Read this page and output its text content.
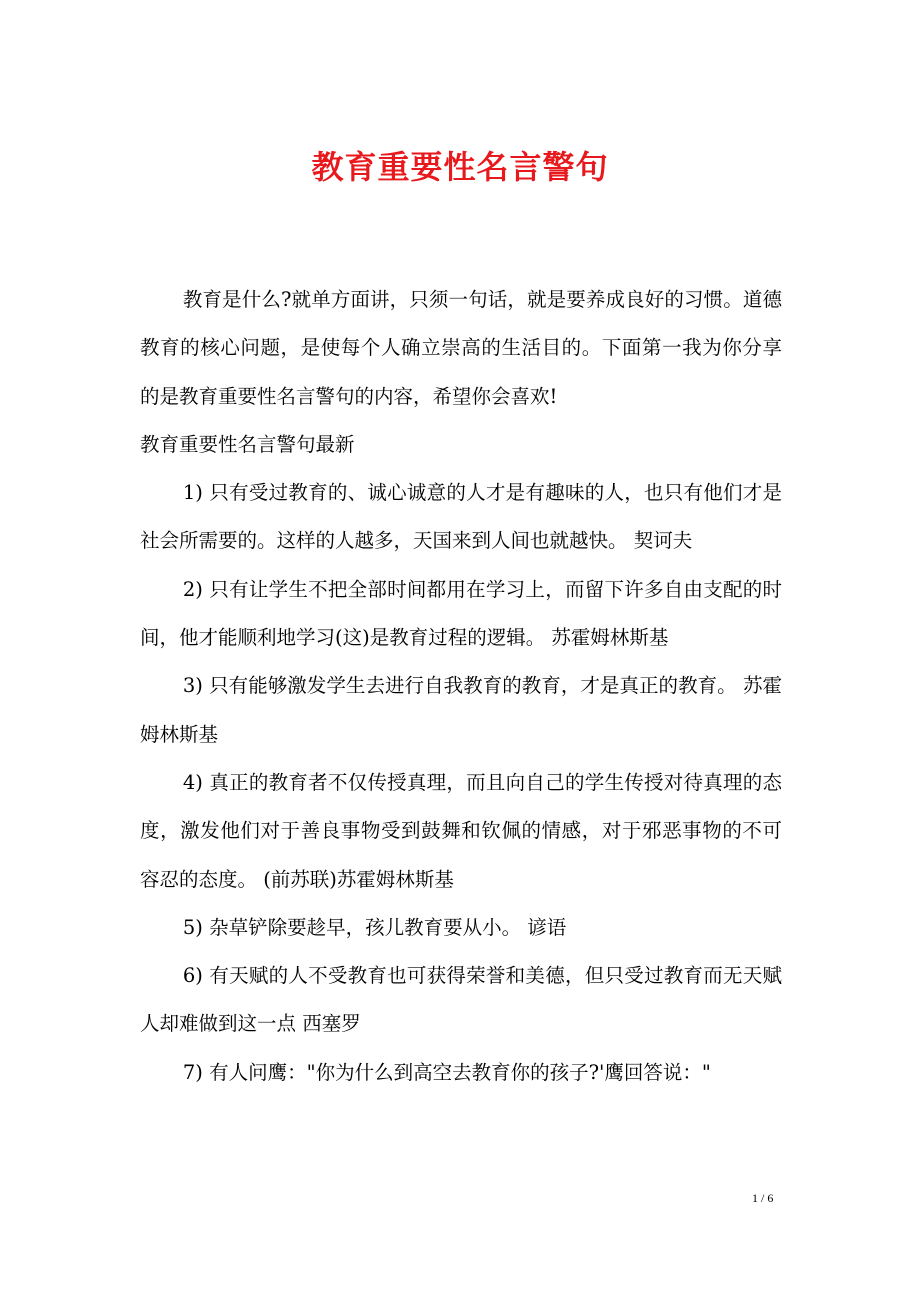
教育重要性名言警句

教育是什么?就单方面讲，只须一句话，就是要养成良好的习惯。道德教育的核心问题，是使每个人确立崇高的生活目的。下面第一我为你分享的是教育重要性名言警句的内容，希望你会喜欢!

教育重要性名言警句最新

1) 只有受过教育的、诚心诚意的人才是有趣味的人，也只有他们才是社会所需要的。这样的人越多，天国来到人间也就越快。 契诃夫

2) 只有让学生不把全部时间都用在学习上，而留下许多自由支配的时间，他才能顺利地学习(这)是教育过程的逻辑。 苏霍姆林斯基

3) 只有能够激发学生去进行自我教育的教育，才是真正的教育。 苏霍姆林斯基

4) 真正的教育者不仅传授真理，而且向自己的学生传授对待真理的态度，激发他们对于善良事物受到鼓舞和钦佩的情感，对于邪恶事物的不可容忍的态度。 (前苏联)苏霍姆林斯基

5) 杂草铲除要趁早，孩儿教育要从小。 谚语

6) 有天赋的人不受教育也可获得荣誉和美德，但只受过教育而无天赋人却难做到这一点 西塞罗

7) 有人问鹰："你为什么到高空去教育你的孩子?'鹰回答说："

1 / 6
